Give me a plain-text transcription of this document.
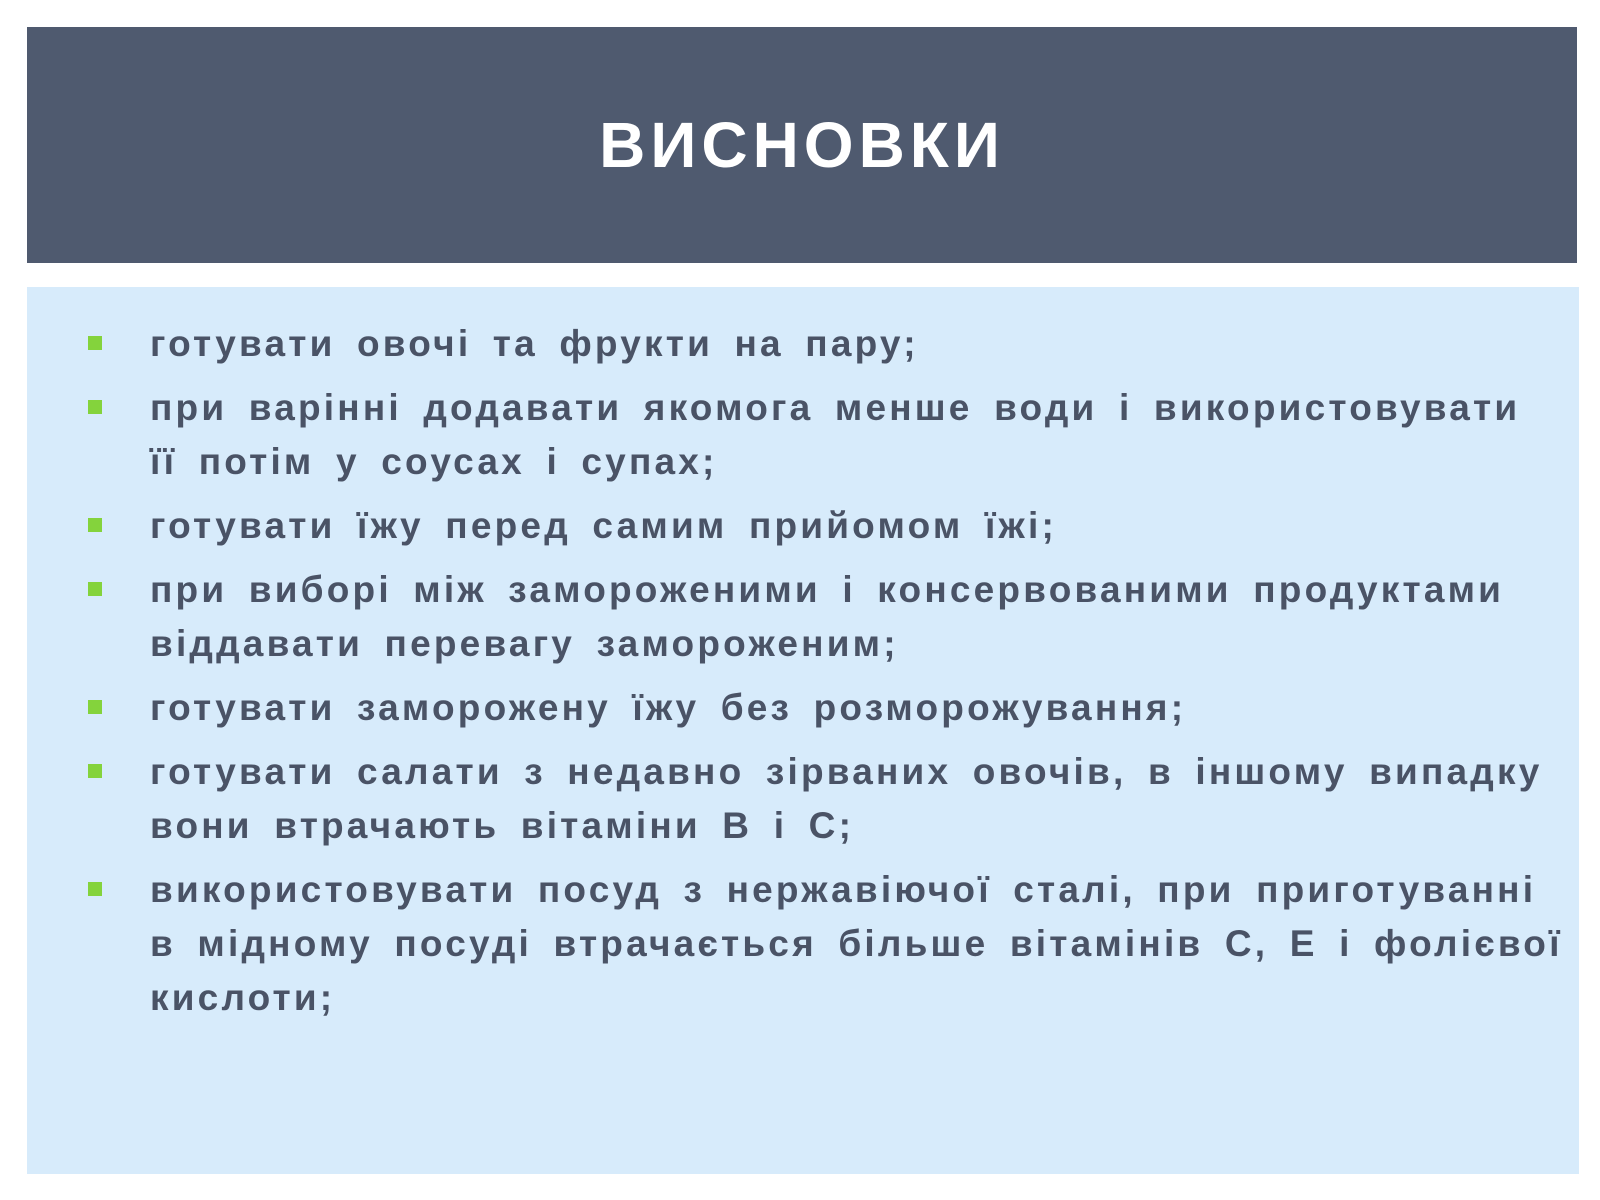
ВИСНОВКИ
готувати овочі та фрукти на пару;
при варінні додавати якомога менше води і використовувати її потім у соусах і супах;
готувати їжу перед самим прийомом їжі;
при виборі між замороженими і консервованими продуктами віддавати перевагу замороженим;
готувати заморожену їжу без розморожування;
готувати салати з недавно зірваних овочів, в іншому випадку вони втрачають вітаміни В і С;
використовувати посуд з нержавіючої сталі, при приготуванні в мідному посуді втрачається більше вітамінів С, Е і фолієвої кислоти;
